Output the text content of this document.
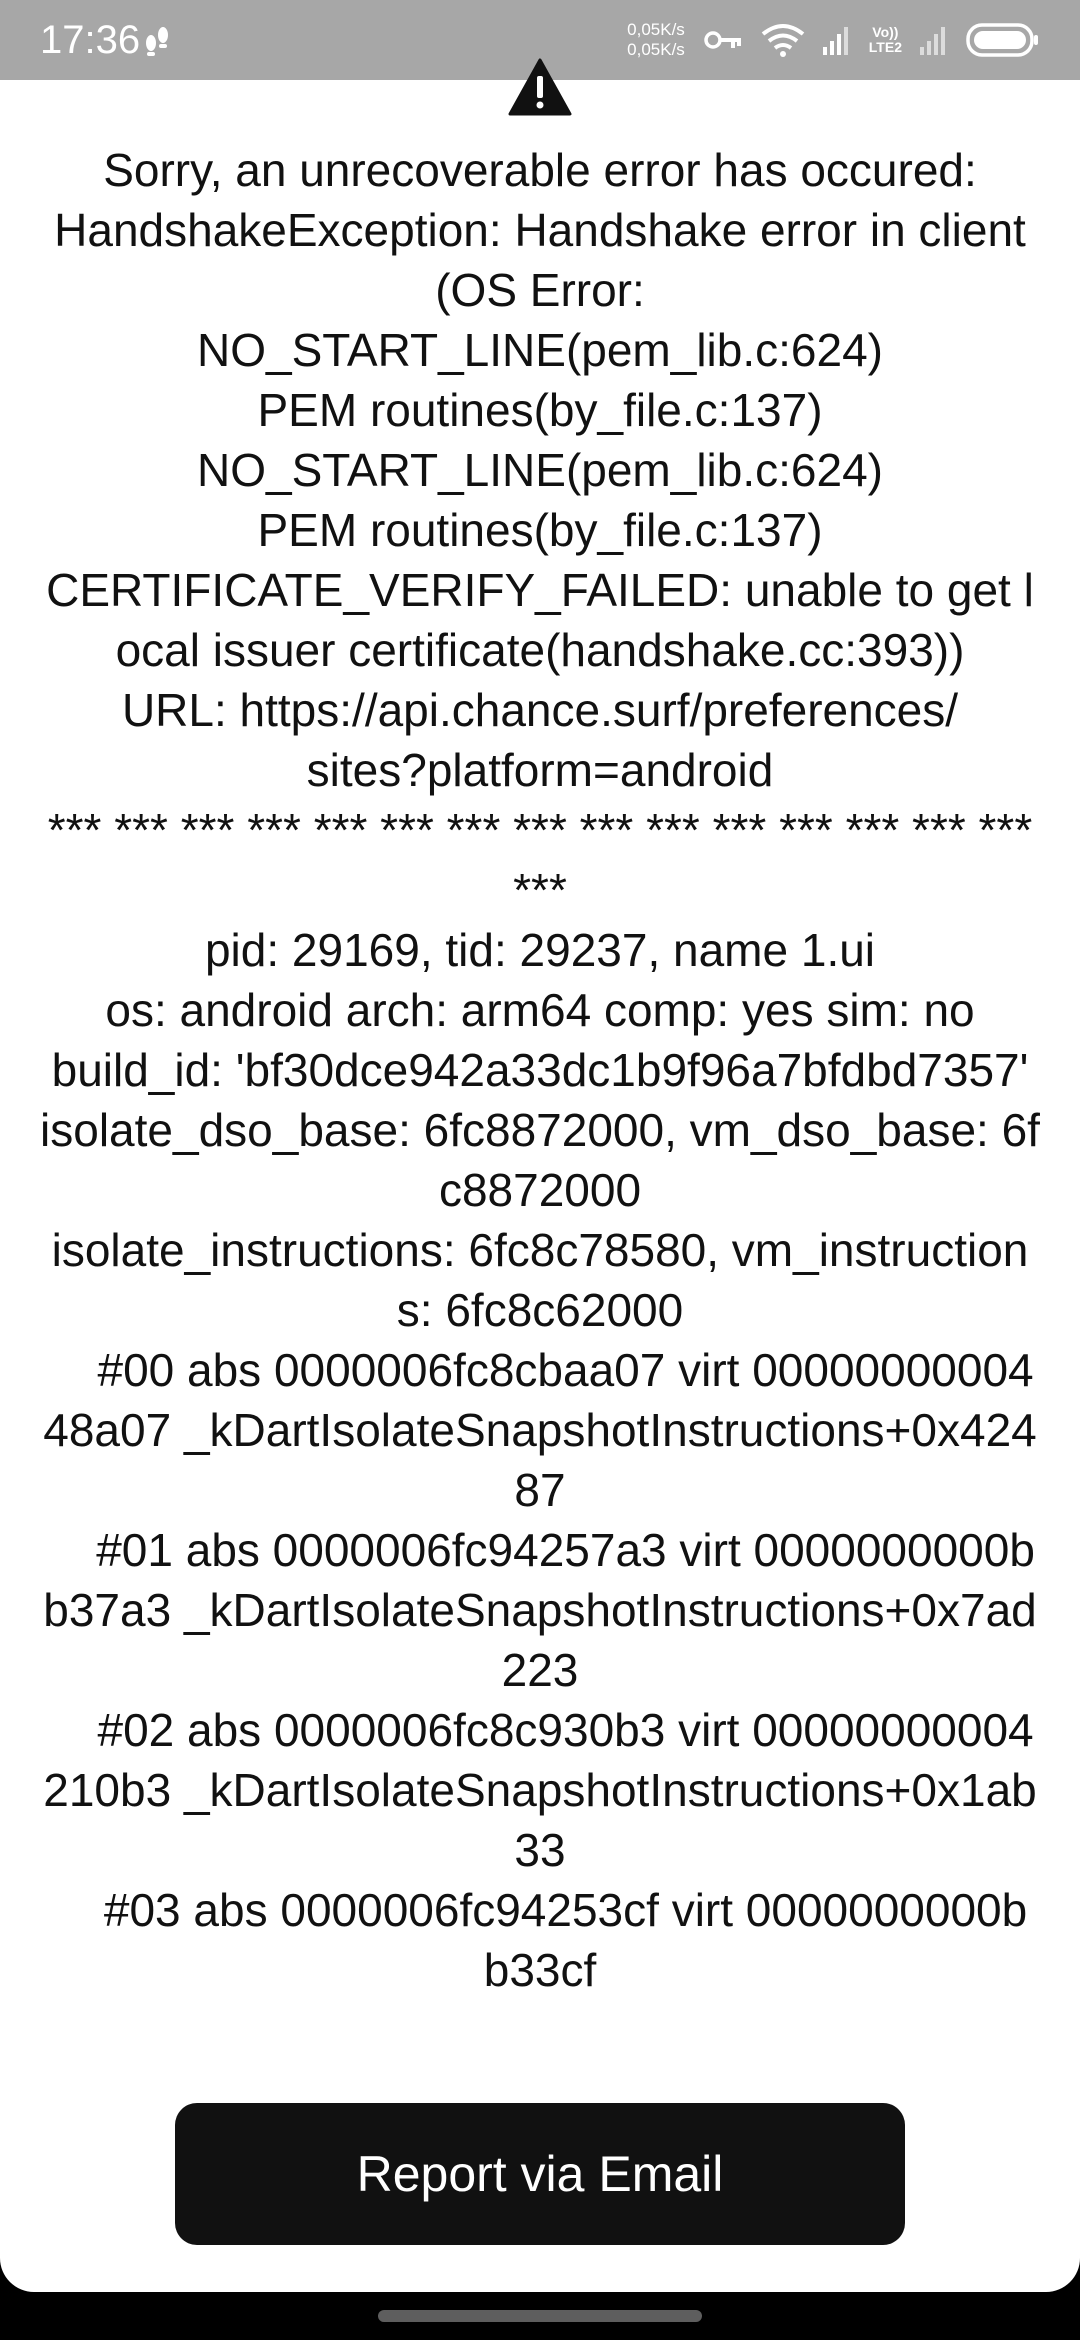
17:36	0,05K/s
0,05K/s
Vo))
LTE2

Sorry, an unrecoverable error has occured:
HandshakeException: Handshake error in client (OS Error:
NO_START_LINE(pem_lib.c:624)
PEM routines(by_file.c:137)
NO_START_LINE(pem_lib.c:624)
PEM routines(by_file.c:137)
CERTIFICATE_VERIFY_FAILED: unable to get local issuer certificate(handshake.cc:393))
URL: https://api.chance.surf/preferences/
sites?platform=android
*** *** *** *** *** *** *** *** *** *** *** *** *** *** *** ***
pid: 29169, tid: 29237, name 1.ui
os: android arch: arm64 comp: yes sim: no
build_id: 'bf30dce942a33dc1b9f96a7bfdbd7357'
isolate_dso_base: 6fc8872000, vm_dso_base: 6fc8872000
isolate_instructions: 6fc8c78580, vm_instructions: 6fc8c62000
#00 abs 0000006fc8cbaa07 virt 0000000000448a07 _kDartIsolateSnapshotInstructions+0x42487
#01 abs 0000006fc94257a3 virt 0000000000bb37a3 _kDartIsolateSnapshotInstructions+0x7ad223
#02 abs 0000006fc8c930b3 virt 00000000004210b3 _kDartIsolateSnapshotInstructions+0x1ab33
#03 abs 0000006fc94253cf virt 0000000000bb33cf

Report via Email
